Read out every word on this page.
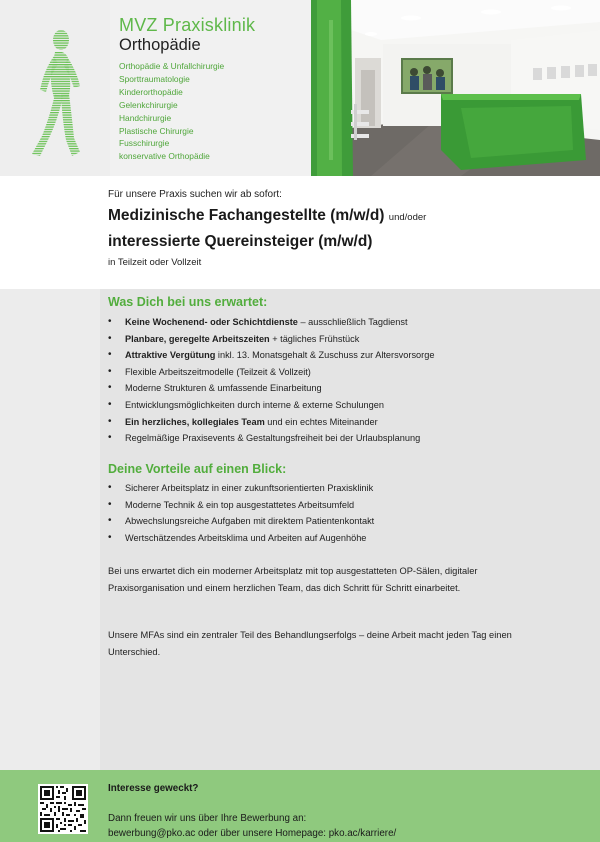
MVZ Praxisklinik
Orthopädie
Orthopädie & Unfallchirurgie
Sporttraumatologie
Kinderorthopädie
Gelenkchirurgie
Handchirurgie
Plastische Chirurgie
Fusschirurgie
konservative Orthopädie
Für unsere Praxis suchen wir ab sofort:
Medizinische Fachangestellte (m/w/d) und/oder
interessierte Quereinsteiger (m/w/d)
in Teilzeit oder Vollzeit
Was Dich bei uns erwartet:
• Keine Wochenend- oder Schichtdienste – ausschließlich Tagdienst
• Planbare, geregelte Arbeitszeiten + tägliches Frühstück
• Attraktive Vergütung inkl. 13. Monatsgehalt & Zuschuss zur Altersvorsorge
• Flexible Arbeitszeitmodelle (Teilzeit & Vollzeit)
• Moderne Strukturen & umfassende Einarbeitung
• Entwicklungsmöglichkeiten durch interne & externe Schulungen
• Ein herzliches, kollegiales Team und ein echtes Miteinander
• Regelmäßige Praxisevents & Gestaltungsfreiheit bei der Urlaubsplanung
Deine Vorteile auf einen Blick:
• Sicherer Arbeitsplatz in einer zukunftsorientierten Praxisklinik
• Moderne Technik & ein top ausgestattetes Arbeitsumfeld
• Abwechslungsreiche Aufgaben mit direktem Patientenkontakt
• Wertschätzendes Arbeitsklima und Arbeiten auf Augenhöhe

Bei uns erwartet dich ein moderner Arbeitsplatz mit top ausgestatteten OP-Sälen, digitaler Praxisorganisation und einem herzlichen Team, das dich Schritt für Schritt einarbeitet.

Unsere MFAs sind ein zentraler Teil des Behandlungserfolgs – deine Arbeit macht jeden Tag einen Unterschied.

Interesse geweckt?
Dann freuen wir uns über Ihre Bewerbung an:
bewerbung@pko.ac oder über unsere Homepage: pko.ac/karriere/
